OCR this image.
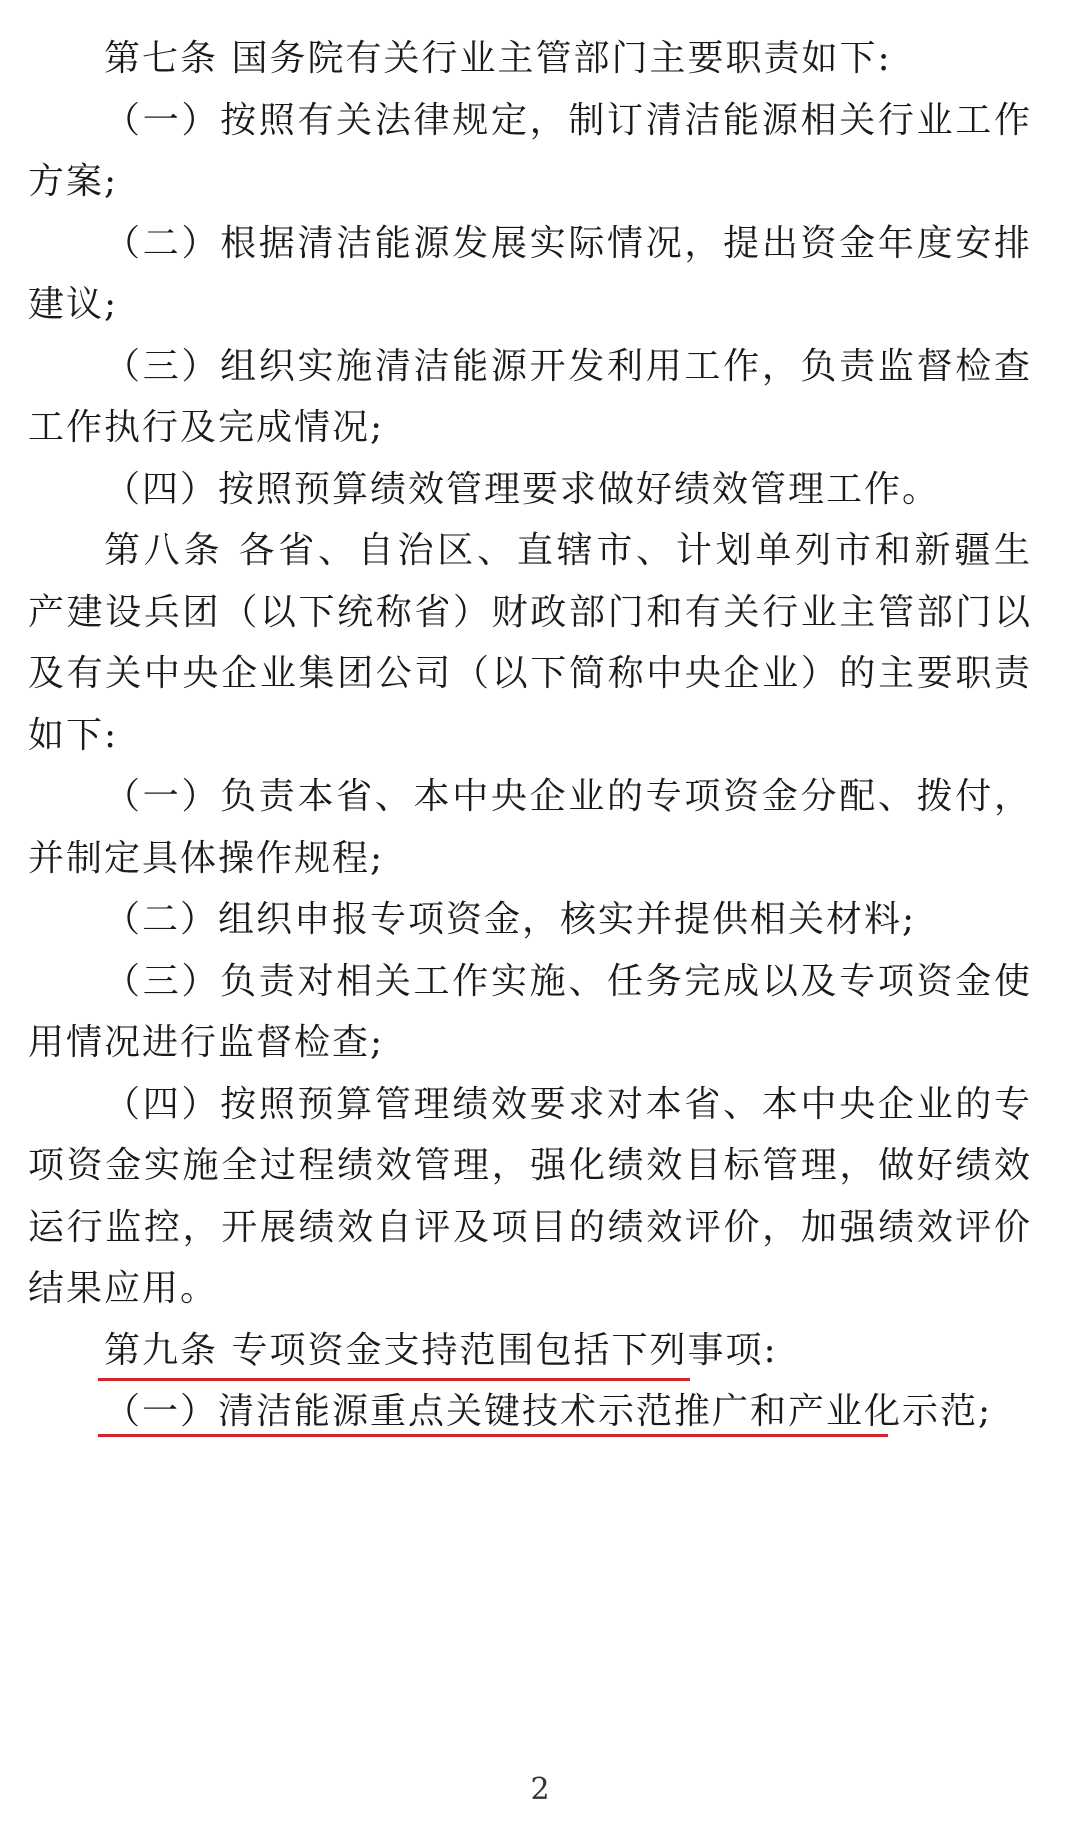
第七条 国务院有关行业主管部门主要职责如下:
（一）按照有关法律规定，制订清洁能源相关行业工作
方案;
（二）根据清洁能源发展实际情况，提出资金年度安排
建议;
（三）组织实施清洁能源开发利用工作，负责监督检查
工作执行及完成情况;
（四）按照预算绩效管理要求做好绩效管理工作。
第八条 各省、自治区、直辖市、计划单列市和新疆生
产建设兵团（以下统称省）财政部门和有关行业主管部门以
及有关中央企业集团公司（以下简称中央企业）的主要职责
如下:
（一）负责本省、本中央企业的专项资金分配、拨付，
并制定具体操作规程;
（二）组织申报专项资金，核实并提供相关材料;
（三）负责对相关工作实施、任务完成以及专项资金使
用情况进行监督检查;
（四）按照预算管理绩效要求对本省、本中央企业的专
项资金实施全过程绩效管理，强化绩效目标管理，做好绩效
运行监控，开展绩效自评及项目的绩效评价，加强绩效评价
结果应用。
第九条 专项资金支持范围包括下列事项:
（一）清洁能源重点关键技术示范推广和产业化示范;
2
